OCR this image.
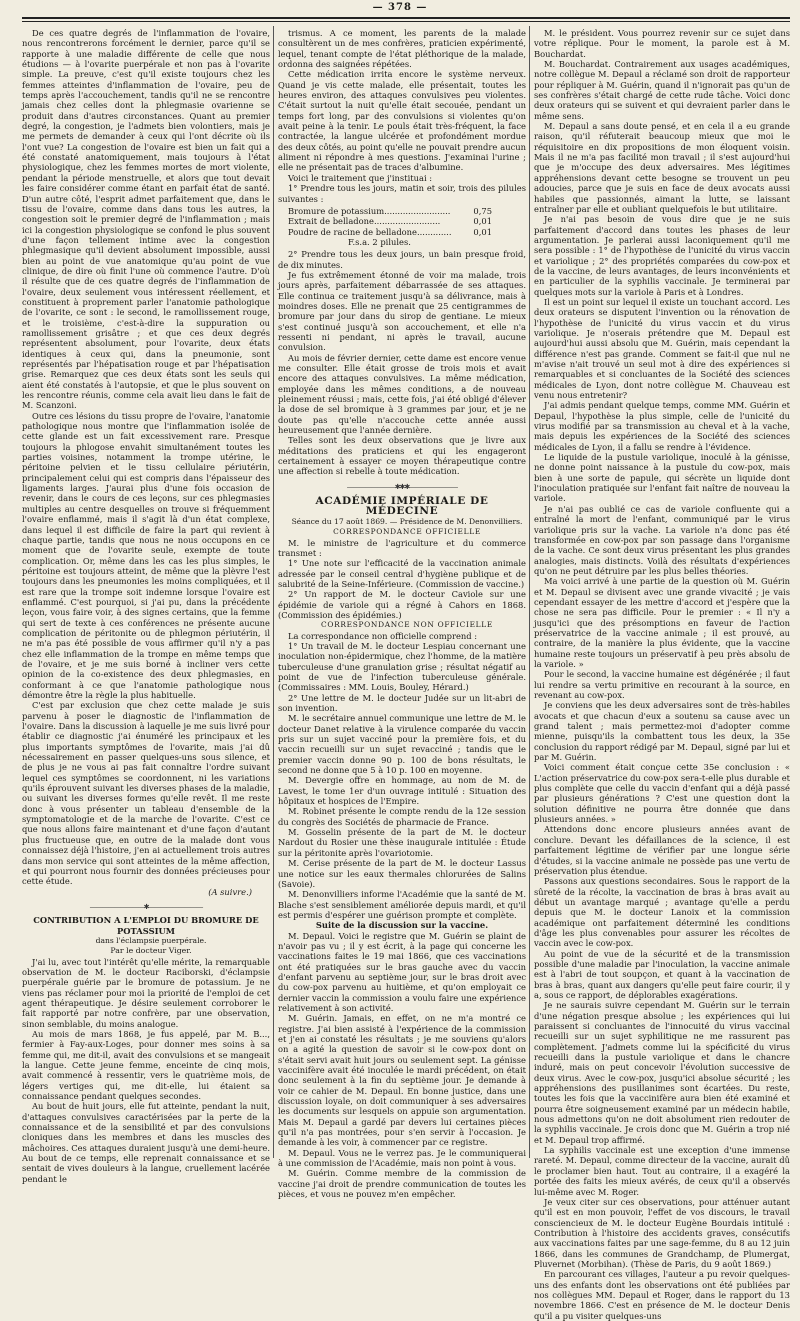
— 378 —

De ces quatre degrés de l'inflammation de l'ovaire, nous rencontrerons forcément le dernier, parce qu'il se rapporte à une maladie différente de celle que nous étudions — à l'ovarite puerpérale et non pas à l'ovarite simple. La preuve, c'est qu'il existe toujours chez les femmes atteintes d'inflammation de l'ovaire, peu de temps après l'accouchement, tandis qu'il ne se rencontre jamais chez celles dont la phlegmasie ovarienne se produit dans d'autres circonstances. Quant au premier degré, la congestion, je l'admets bien volontiers, mais je me permets de demander à ceux qui l'ont décrite où ils l'ont vue? La congestion de l'ovaire est bien un fait qui a été constaté anatomiquement, mais toujours à l'état physiologique, chez les femmes mortes de mort violente, pendant la période menstruelle, et alors que tout devait les faire considérer comme étant en parfait état de santé. D'un autre côté, l'esprit admet parfaitement que, dans le tissu de l'ovaire, comme dans dans tous les autres, la congestion soit le premier degré de l'inflammation ; mais ici la congestion physiologique se confond le plus souvent d'une façon tellement intime avec la congestion phlegmasique qu'il devient absolument impossible, aussi bien au point de vue anatomique qu'au point de vue clinique, de dire où finit l'une où commence l'autre. D'où il résulte que de ces quatre degrés de l'inflammation de l'ovaire, deux seulement vous intéressent réellement, et constituent à proprement parler l'anatomie pathologique de l'ovarite, ce sont : le second, le ramollissement rouge, et le troisième, c'est-à-dire la suppuration ou ramollissement grisâtre ; et que ces deux degrés représentent absolument, pour l'ovarite, deux états identiques à ceux qui, dans la pneumonie, sont représentés par l'hépatisation rouge et par l'hépatisation grise. Remarquez que ces deux états sont les seuls qui aient été constatés à l'autopsie, et que le plus souvent on les rencontre réunis, comme cela avait lieu dans le fait de M. Scanzoni.

Outre ces lésions du tissu propre de l'ovaire, l'anatomie pathologique nous montre que l'inflammation isolée de cette glande est un fait excessivement rare. Presque toujours la phlogose envahit simultanément toutes les parties voisines, notamment la trompe utérine, le péritoine pelvien et le tissu cellulaire périutérin, principalement celui qui est compris dans l'épaisseur des ligaments larges. J'aurai plus d'une fois occasion de revenir, dans le cours de ces leçons, sur ces phlegmasies multiples au centre desquelles on trouve si fréquemment l'ovaire enflammé, mais il s'agit là d'un état complexe, dans lequel il est difficile de faire la part qui revient à chaque partie, tandis que nous ne nous occupons en ce moment que de l'ovarite seule, exempte de toute complication. Or, même dans les cas les plus simples, le péritoine est toujours atteint, de même que la plèvre l'est toujours dans les pneumonies les moins compliquées, et il est rare que la trompe soit indemne lorsque l'ovaire est enflammé. C'est pourquoi, si j'ai pu, dans la précédente leçon, vous faire voir, à des signes certains, que la femme qui sert de texte à ces conférences ne présente aucune complication de péritonite ou de phlegmon périutérin, il ne m'a pas été possible de vous affirmer qu'il n'y a pas chez elle inflammation de la trompe en même temps que de l'ovaire, et je me suis borné à incliner vers cette opinion de la co-existence des deux phlegmasies, en conformant à ce que l'anatomie pathologique nous démontre être la règle la plus habituelle.

C'est par exclusion que chez cette malade je suis parvenu à poser le diagnostic de l'inflammation de l'ovaire. Dans la discussion à laquelle je me suis livré pour établir ce diagnostic j'ai énuméré les principaux et les plus importants symptômes de l'ovarite, mais j'ai dû nécessairement en passer quelques-uns sous silence, et de plus je ne vous ai pas fait connaître l'ordre suivant lequel ces symptômes se coordonnent, ni les variations qu'ils éprouvent suivant les diverses phases de la maladie, ou suivant les diverses formes qu'elle revêt. Il me reste donc à vous présenter un tableau d'ensemble de la symptomatologie et de la marche de l'ovarite. C'est ce que nous allons faire maintenant et d'une façon d'autant plus fructueuse que, en outre de la malade dont vous connaissez déjà l'histoire, j'en ai actuellement trois autres dans mon service qui sont atteintes de la même affection, et qui pourront nous fournir des données précieuses pour cette étude.

(A suivre.)

—————————✱—————————

CONTRIBUTION A L'EMPLOI DU BROMURE DE POTASSIUM

dans l'éclampsie puerpérale.

Par le docteur Viger.

J'ai lu, avec tout l'intérêt qu'elle mérite, la remarquable observation de M. le docteur Raciborski, d'éclampsie puerpérale guérie par le bromure de potassium. Je ne viens pas réclamer pour moi la priorité de l'emploi de cet agent thérapeutique. Je désire seulement corroborer le fait rapporté par notre confrère, par une observation, sinon semblable, du moins analogue.

Au mois de mars 1868, je fus appelé, par M. B..., fermier à Fay-aux-Loges, pour donner mes soins à sa femme qui, me dit-il, avait des convulsions et se mangeait la langue. Cette jeune femme, enceinte de cinq mois, avait commencé à ressentir, vers le quatrième mois, de légers vertiges qui, me dit-elle, lui étaient sa connaissance pendant quelques secondes.

Au bout de huit jours, elle fut atteinte, pendant la nuit, d'attaques convulsives caractérisées par la perte de la connaissance et de la sensibilité et par des convulsions cloniques dans les membres et dans les muscles des mâchoires. Ces attaques duraient jusqu'à une demi-heure. Au bout de ce temps, elle reprenait connaissance et se sentait de vives douleurs à la langue, cruellement lacérée pendant le

trismus. A ce moment, les parents de la malade consultèrent un de mes confrères, praticien expérimenté, lequel, tenant compte de l'état pléthorique de la malade, ordonna des saignées répétées.

Cette médication irrita encore le système nerveux. Quand je vis cette malade, elle présentait, toutes les heures environ, des attaques convulsives peu violentes. C'était surtout la nuit qu'elle était secouée, pendant un temps fort long, par des convulsions si violentes qu'on avait peine à la tenir. Le pouls était très-fréquent, la face contractée, la langue ulcérée et profondément mordue des deux côtés, au point qu'elle ne pouvait prendre aucun aliment ni répondre à mes questions. J'examinai l'urine ; elle ne présentait pas de traces d'albumine.

Voici le traitement que j'instituai :

1° Prendre tous les jours, matin et soir, trois des pilules suivantes :

Bromure de potassium.........................	0,75
Extrait de belladone.........................	0,01
Poudre de racine de belladone.............	0,01
F.s.a. 2 pilules.

2° Prendre tous les deux jours, un bain presque froid, de dix minutes.

Je fus extrêmement étonné de voir ma malade, trois jours après, parfaitement débarrassée de ses attaques. Elle continua ce traitement jusqu'à sa délivrance, mais à moindres doses. Elle ne prenait que 25 centigrammes de bromure par jour dans du sirop de gentiane. Le mieux s'est continué jusqu'à son accouchement, et elle n'a ressenti ni pendant, ni après le travail, aucune convulsion.

Au mois de février dernier, cette dame est encore venue me consulter. Elle était grosse de trois mois et avait encore des attaques convulsives. La même médication, employée dans les mêmes conditions, a de nouveau pleinement réussi ; mais, cette fois, j'ai été obligé d'élever la dose de sel bromique à 3 grammes par jour, et je ne doute pas qu'elle n'accouche cette année aussi heureusement que l'année dernière.

Telles sont les deux observations que je livre aux méditations des praticiens et qui les engageront certainement à essayer ce moyen thérapeutique contre une affection si rebelle à toute médication.

————————✱✱✱————————

ACADÉMIE IMPÉRIALE DE MÉDECINE

Séance du 17 août 1869. — Présidence de M. Denonvilliers.

CORRESPONDANCE OFFICIELLE

M. le ministre de l'agriculture et du commerce transmet :

1° Une note sur l'efficacité de la vaccination animale adressée par le conseil central d'hygiène publique et de salubrité de la Seine-Inférieure. (Commission de vaccine.)

2° Un rapport de M. le docteur Caviole sur une épidémie de variole qui a régné à Cahors en 1868. (Commission des épidémies.)

CORRESPONDANCE NON OFFICIELLE

La correspondance non officielle comprend :

1° Un travail de M. le docteur Lespiau concernant une inoculation non-épidermique, chez l'homme, de la matière tuberculeuse d'une granulation grise ; résultat négatif au point de vue de l'infection tuberculeuse générale. (Commissaires : MM. Louis, Bouley, Hérard.)

2° Une lettre de M. le docteur Judée sur un lit-abri de son invention.

M. le secrétaire annuel communique une lettre de M. le docteur Danet relative à la virulence comparée du vaccin pris sur un sujet vacciné pour la première fois, et du vaccin recueilli sur un sujet revacciné ; tandis que le premier vaccin donne 90 p. 100 de bons résultats, le second ne donne que 5 à 10 p. 100 en moyenne.

M. Devergie offre en hommage, au nom de M. de Lavest, le tome 1er d'un ouvrage intitulé : Situation des hôpitaux et hospices de l'Empire.

M. Robinet présente le compte rendu de la 12e session du congrès des Sociétés de pharmacie de France.

M. Gosselin présente de la part de M. le docteur Nardout du Rosier une thèse inaugurale intitulée : Étude sur la péritonite après l'ovariotomie.

M. Cerise présente de la part de M. le docteur Lassus une notice sur les eaux thermales chlorurées de Salins (Savoie).

M. Denonvilliers informe l'Académie que la santé de M. Blache s'est sensiblement améliorée depuis mardi, et qu'il est permis d'espérer une guérison prompte et complète.

Suite de la discussion sur la vaccine.

M. Depaul. Voici le registre que M. Guérin se plaint de n'avoir pas vu ; il y est écrit, à la page qui concerne les vaccinations faites le 19 mai 1866, que ces vaccinations ont été pratiquées sur le bras gauche avec du vaccin d'enfant parvenu au septième jour, sur le bras droit avec du cow-pox parvenu au huitième, et qu'on employait ce dernier vaccin la commission a voulu faire une expérience relativement à son activité.

M. Guérin. Jamais, en effet, on ne m'a montré ce registre. J'ai bien assisté à l'expérience de la commission et j'en ai constaté les résultats ; je me souviens qu'alors on a agité la question de savoir si le cow-pox dont on s'était servi avait huit jours ou seulement sept. La génisse vaccinifère avait été inoculée le mardi précédent, on était donc seulement à la fin du septième jour. Je demande à voir ce cahier de M. Depaul. En bonne justice, dans une discussion loyale, on doit communiquer à ses adversaires les documents sur lesquels on appuie son argumentation. Mais M. Depaul a gardé par devers lui certaines pièces qu'il n'a pas montrées, pour s'en servir à l'occasion. Je demande à les voir, à commencer par ce registre.

M. Depaul. Vous ne le verrez pas. Je le communiquerai à une commission de l'Académie, mais non point à vous.

M. Guérin. Comme membre de la commission de vaccine j'ai droit de prendre communication de toutes les pièces, et vous ne pouvez m'en empêcher.

M. le président. Vous pourrez revenir sur ce sujet dans votre réplique. Pour le moment, la parole est à M. Bouchardat.

M. Bouchardat. Contrairement aux usages académiques, notre collègue M. Depaul a réclamé son droit de rapporteur pour répliquer à M. Guérin, quand il n'ignorait pas qu'un de ses confrères s'était chargé de cette rude tâche. Voici donc deux orateurs qui se suivent et qui devraient parler dans le même sens.

M. Depaul a sans doute pensé, et en cela il a eu grande raison, qu'il réfuterait beaucoup mieux que moi le réquisitoire en dix propositions de mon éloquent voisin. Mais il ne m'a pas facilité mon travail ; il s'est aujourd'hui que je m'occupe des deux adversaires. Mes légitimes appréhensions devant cette besogne se trouvent un peu adoucies, parce que je suis en face de deux avocats aussi habiles que passionnés, aimant la lutte, se laissant entraîner par elle et oubliant quelquefois le but utilitaire.

Je n'ai pas besoin de vous dire que je ne suis parfaitement d'accord dans toutes les phases de leur argumentation. Je parlerai aussi laconiquement qu'il me sera possible : 1° de l'hypothèse de l'unicité du virus vaccin et variolique ; 2° des propriétés comparées du cow-pox et de la vaccine, de leurs avantages, de leurs inconvénients et en particulier de la syphilis vaccinale. Je terminerai par quelques mots sur la variole à Paris et à Londres.

Il est un point sur lequel il existe un touchant accord. Les deux orateurs se disputent l'invention ou la rénovation de l'hypothèse de l'unicité du virus vaccin et du virus variolique. Je n'oserais prétendre que M. Depaul est aujourd'hui aussi absolu que M. Guérin, mais cependant la différence n'est pas grande. Comment se fait-il que nul ne m'avise n'ait trouvé un seul mot à dire des expériences si remarquables et si concluantes de la Société des sciences médicales de Lyon, dont notre collègue M. Chauveau est venu nous entretenir?

J'ai admis pendant quelque temps, comme MM. Guérin et Depaul, l'hypothèse la plus simple, celle de l'unicité du virus modifié par sa transmission au cheval et à la vache, mais depuis les expériences de la Société des sciences médicales de Lyon, il a fallu se rendre à l'évidence.

Le liquide de la pustule variolique, inoculé à la génisse, ne donne point naissance à la pustule du cow-pox, mais bien à une sorte de papule, qui sécrète un liquide dont l'inoculation pratiquée sur l'enfant fait naître de nouveau la variole.

Je n'ai pas oublié ce cas de variole confluente qui a entraîné la mort de l'enfant, communiqué par le virus variolique pris sur la vache. La variole n'a donc pas été transformée en cow-pox par son passage dans l'organisme de la vache. Ce sont deux virus présentant les plus grandes analogies, mais distincts. Voilà des résultats d'expériences qu'on ne peut détruire par les plus belles théories.

Ma voici arrivé à une partie de la question où M. Guérin et M. Depaul se divisent avec une grande vivacité ; je vais cependant essayer de les mettre d'accord et j'espère que la chose ne sera pas difficile. Pour le premier : « Il n'y a jusqu'ici que des présomptions en faveur de l'action préservatrice de la vaccine animale ; il est prouvé, au contraire, de la manière la plus évidente, que la vaccine humaine reste toujours un préservatif à peu près absolu de la variole. »

Pour le second, la vaccine humaine est dégénérée ; il faut lui rendre sa vertu primitive en recourant à la source, en revenant au cow-pox.

Je conviens que les deux adversaires sont de très-habiles avocats et que chacun d'eux a soutenu sa cause avec un grand talent ; mais permettez-moi d'adopter comme mienne, puisqu'ils la combattent tous les deux, la 35e conclusion du rapport rédigé par M. Depaul, signé par lui et par M. Guérin.

Voici comment était conçue cette 35e conclusion : « L'action préservatrice du cow-pox sera-t-elle plus durable et plus complète que celle du vaccin d'enfant qui a déjà passé par plusieurs générations ? C'est une question dont la solution définitive ne pourra être donnée que dans plusieurs années. »

Attendons donc encore plusieurs années avant de conclure. Devant les défaillances de la science, il est parfaitement légitime de vérifier par une longue série d'études, si la vaccine animale ne possède pas une vertu de préservation plus étendue.

Passons aux questions secondaires. Sous le rapport de la sûreté de la récolte, la vaccination de bras à bras avait au début un avantage marqué ; avantage qu'elle a perdu depuis que M. le docteur Lanoix et la commission académique ont parfaitement déterminé les conditions d'âge les plus convenables pour assurer les récoltes de vaccin avec le cow-pox.

Au point de vue de la sécurité et de la transmission possible d'une maladie par l'inoculation, la vaccine animale est à l'abri de tout soupçon, et quant à la vaccination de bras à bras, quant aux dangers qu'elle peut faire courir, il y a, sous ce rapport, de déplorables exagérations.

Je ne saurais suivre cependant M. Guérin sur le terrain d'une négation presque absolue ; les expériences qui lui paraissent si concluantes de l'innocuité du virus vaccinal recueilli sur un sujet syphilitique ne me rassurent pas complètement. J'admets comme lui la spécificité du virus recueilli dans la pustule variolique et dans le chancre induré, mais on peut concevoir l'évolution successive de deux virus. Avec le cow-pox, jusqu'ici absolue sécurité ; les appréhensions des pusillanimes sont écartées. Du reste, toutes les fois que la vaccinifère aura bien été examiné et pourra être soigneusement examiné par un médecin habile, nous admettons qu'on ne doit absolument rien redouter de la syphilis vaccinale. Je crois donc que M. Guérin a trop nié et M. Depaul trop affirmé.

La syphilis vaccinale est une exception d'une immense rareté. M. Depaul, comme directeur de la vaccine, aurait dû le proclamer bien haut. Tout au contraire, il a exagéré la portée des faits les mieux avérés, de ceux qu'il a observés lui-même avec M. Roger.

Je veux citer sur ces observations, pour atténuer autant qu'il est en mon pouvoir, l'effet de vos discours, le travail consciencieux de M. le docteur Eugène Bourdais intitulé : Contribution à l'histoire des accidents graves, consécutifs aux vaccinations faites par une sage-femme, du 8 au 12 juin 1866, dans les communes de Grandchamp, de Plumergat, Pluvernet (Morbihan). (Thèse de Paris, du 9 août 1869.)

En parcourant ces villages, l'auteur a pu revoir quelques-uns des enfants dont les observations ont été publiées par nos collègues MM. Depaul et Roger, dans le rapport du 13 novembre 1866. C'est en présence de M. le docteur Denis qu'il a pu visiter quelques-uns
